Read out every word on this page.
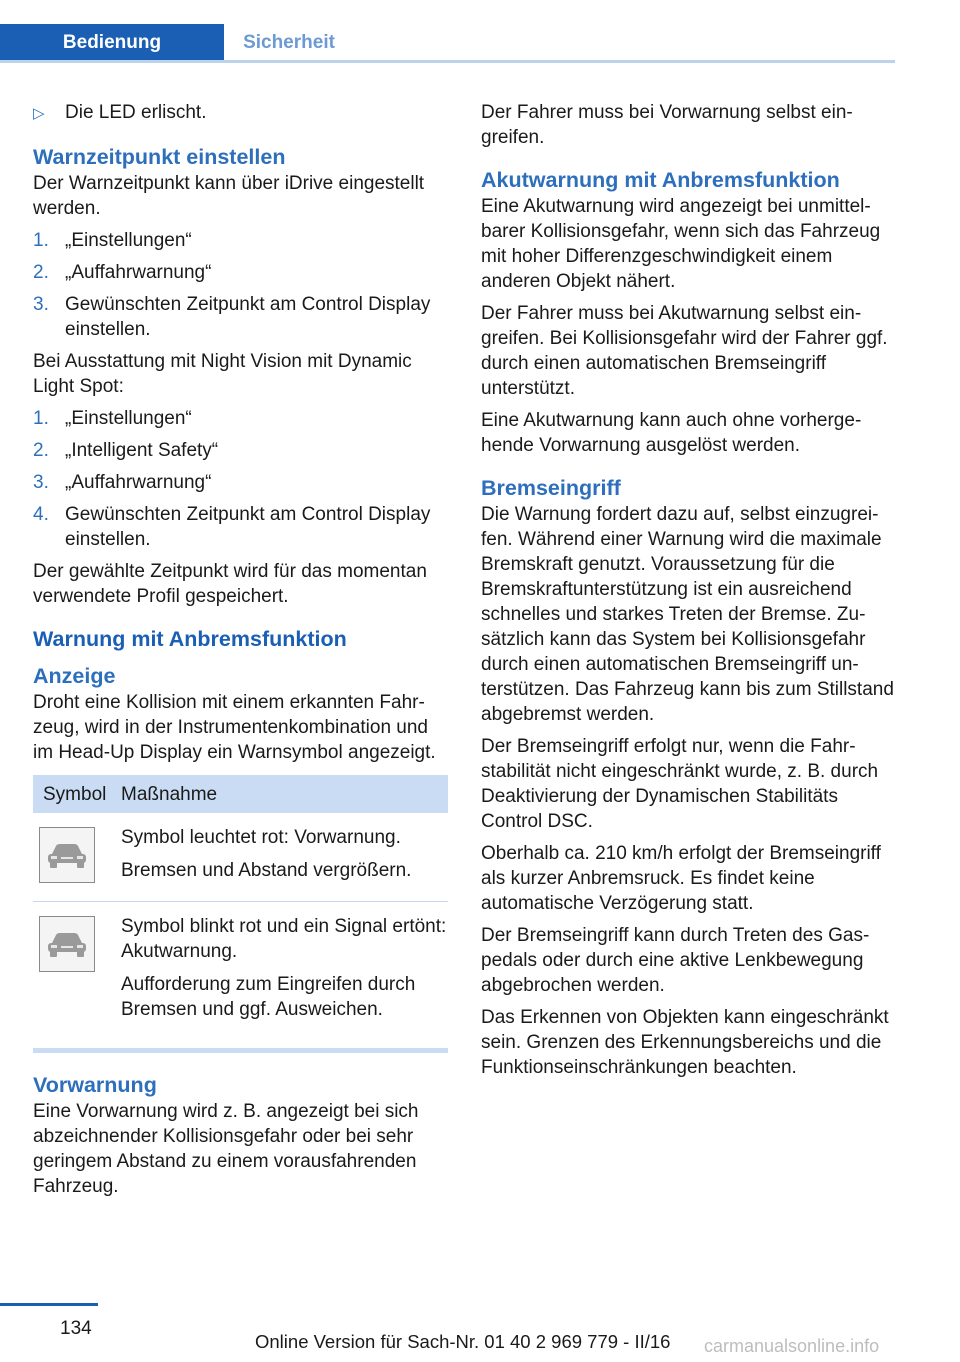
Bedienung	Sicherheit
▷	Die LED erlischt.
Warnzeitpunkt einstellen

Der Warnzeitpunkt kann über iDrive eingestellt werden.

1. „Einstellungen“
2. „Auffahrwarnung“
3. Gewünschten Zeitpunkt am Control Display einstellen.

Bei Ausstattung mit Night Vision mit Dynamic Light Spot:

1. „Einstellungen“
2. „Intelligent Safety“
3. „Auffahrwarnung“
4. Gewünschten Zeitpunkt am Control Display einstellen.

Der gewählte Zeitpunkt wird für das momentan verwendete Profil gespeichert.

Warnung mit Anbremsfunktion
Anzeige

Droht eine Kollision mit einem erkannten Fahrzeug, wird in der Instrumentenkombination und im Head-Up Display ein Warnsymbol angezeigt.

Symbol Maßnahme

Symbol leuchtet rot: Vorwarnung.

Bremsen und Abstand vergrößern.

Symbol blinkt rot und ein Signal ertönt: Akutwarnung.

Aufforderung zum Eingreifen durch Bremsen und ggf. Ausweichen.

Vorwarnung

Eine Vorwarnung wird z. B. angezeigt bei sich abzeichnender Kollisionsgefahr oder bei sehr geringem Abstand zu einem vorausfahrenden Fahrzeug.

Der Fahrer muss bei Vorwarnung selbst eingreifen.

Akutwarnung mit Anbremsfunktion

Eine Akutwarnung wird angezeigt bei unmittelbarer Kollisionsgefahr, wenn sich das Fahrzeug mit hoher Differenzgeschwindigkeit einem anderen Objekt nähert.

Der Fahrer muss bei Akutwarnung selbst eingreifen. Bei Kollisionsgefahr wird der Fahrer ggf. durch einen automatischen Bremseingriff unterstützt.

Eine Akutwarnung kann auch ohne vorhergehende Vorwarnung ausgelöst werden.

Bremseingriff

Die Warnung fordert dazu auf, selbst einzugreifen. Während einer Warnung wird die maximale Bremskraft genutzt. Voraussetzung für die Bremskraftunterstützung ist ein ausreichend schnelles und starkes Treten der Bremse. Zusätzlich kann das System bei Kollisionsgefahr durch einen automatischen Bremseingriff unterstützen. Das Fahrzeug kann bis zum Stillstand abgebremst werden.

Der Bremseingriff erfolgt nur, wenn die Fahrstabilität nicht eingeschränkt wurde, z. B. durch Deaktivierung der Dynamischen Stabilitäts Control DSC.

Oberhalb ca. 210 km/h erfolgt der Bremseingriff als kurzer Anbremsruck. Es findet keine automatische Verzögerung statt.

Der Bremseingriff kann durch Treten des Gaspedals oder durch eine aktive Lenkbewegung abgebrochen werden.

Das Erkennen von Objekten kann eingeschränkt sein. Grenzen des Erkennungsbereichs und die Funktionseinschränkungen beachten.

134
Online Version für Sach-Nr. 01 40 2 969 779 - II/16 carmanualsonline.info
